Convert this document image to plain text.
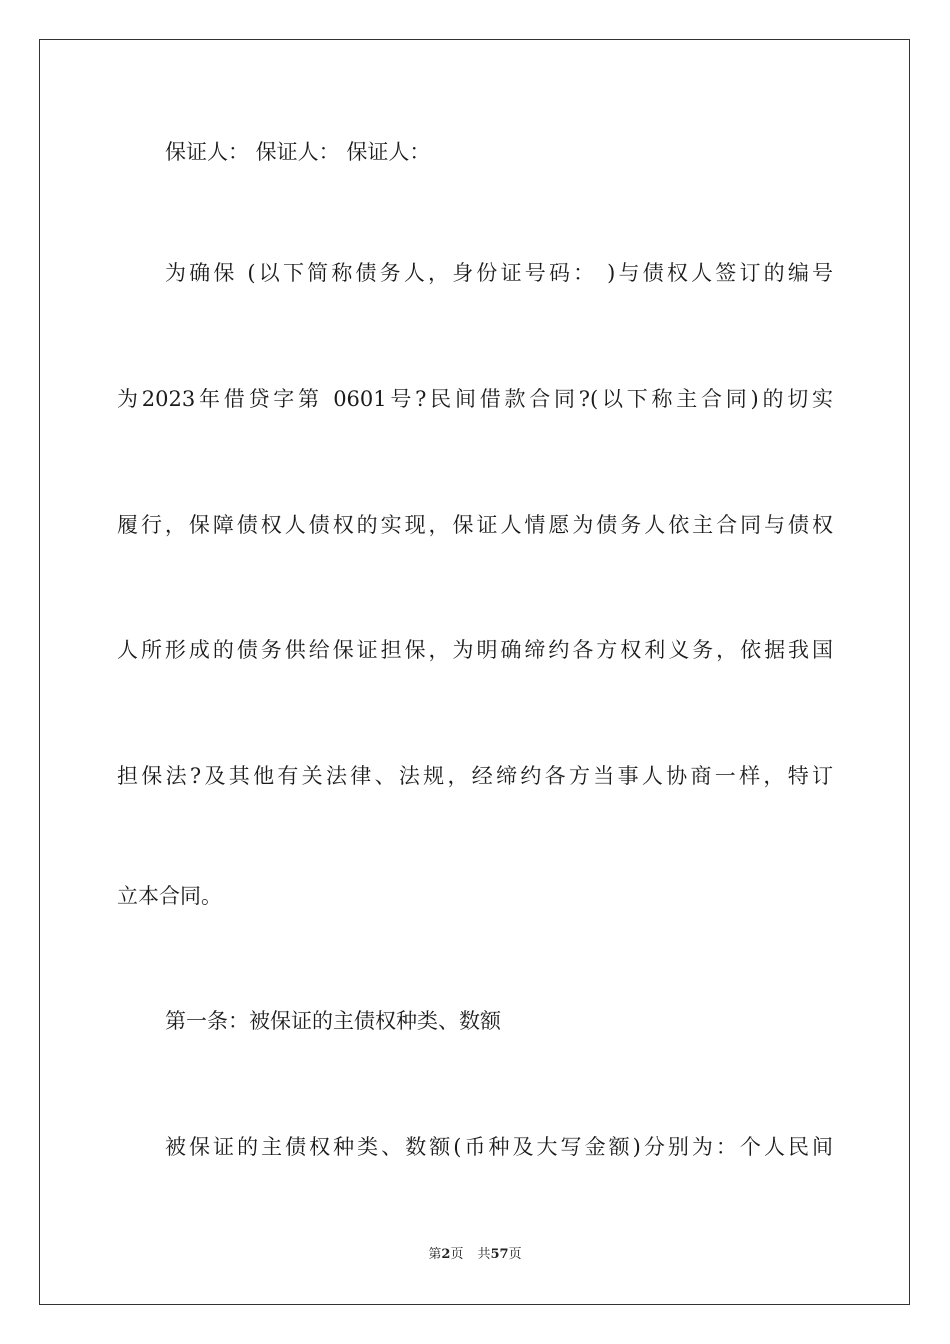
保证人： 保证人： 保证人：
为确保 (以下简称债务人，身份证号码： )与债权人签订的编号
为2023年借贷字第 0601号?民间借款合同?(以下称主合同)的切实
履行，保障债权人债权的实现，保证人情愿为债务人依主合同与债权
人所形成的债务供给保证担保，为明确缔约各方权利义务，依据我国
担保法?及其他有关法律、法规，经缔约各方当事人协商一样，特订
立本合同。
第一条：被保证的主债权种类、数额
被保证的主债权种类、数额(币种及大写金额)分别为：个人民间
第2页 共57页
